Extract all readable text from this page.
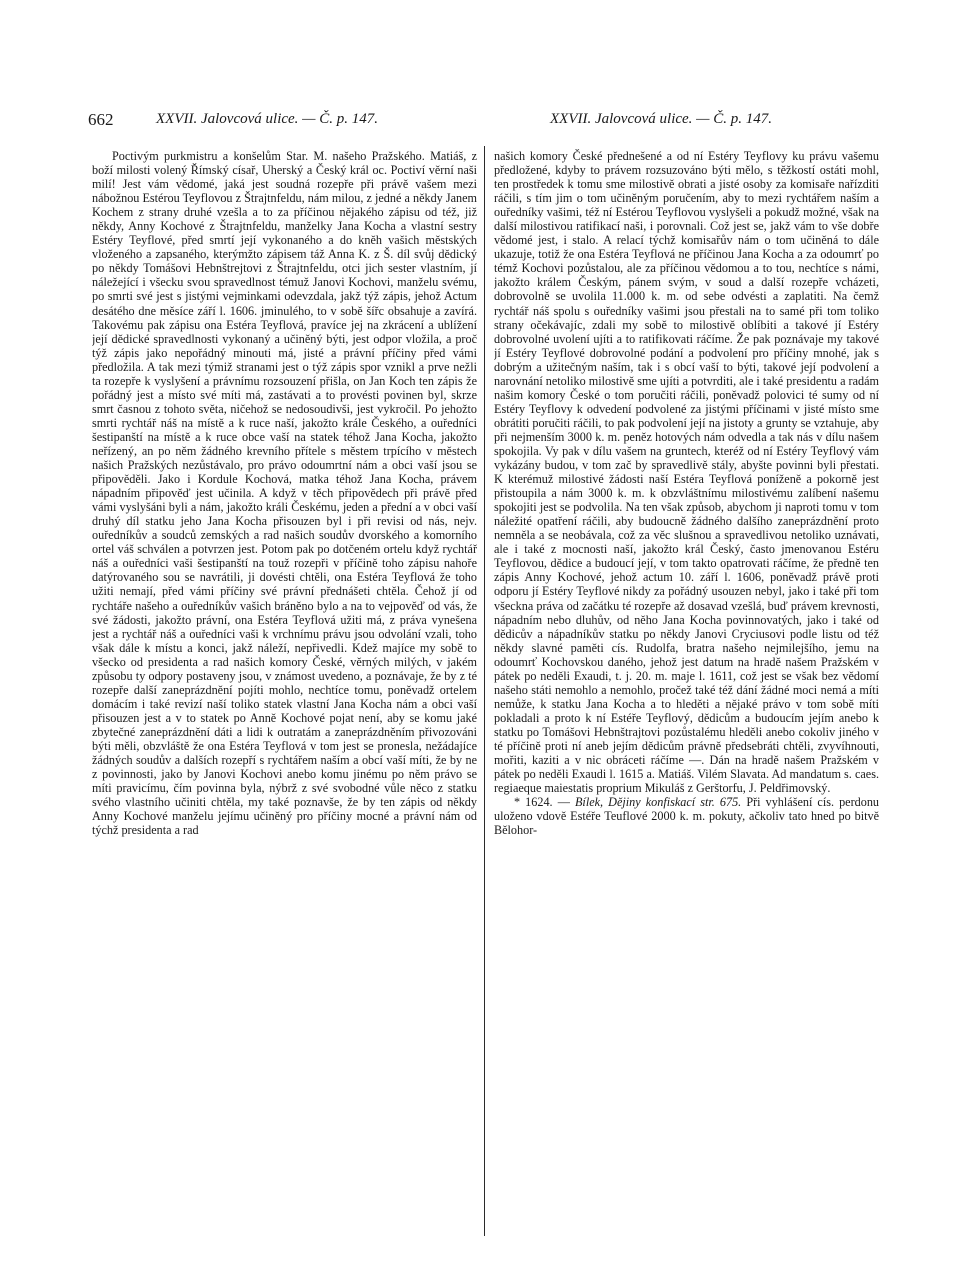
662	XXVII. Jalovcová ulice. — Č. p. 147.	XXVII. Jalovcová ulice. — Č. p. 147.

Poctivým purkmistru a konšelům Star. M. našeho Pražského. Matiáš, z boží milosti volený Římský císař, Uherský a Český král oc. Poctiví věrní naši milí! Jest vám vědomé, jaká jest soudná rozepře při právě vašem mezi nábožnou Estérou Teyflovou z Štrajtnfeldu, nám milou, z jedné a někdy Janem Kochem z strany druhé vzešla a to za příčinou nějakého zápisu od též, již někdy, Anny Kochové z Štrajtnfeldu, manželky Jana Kocha a vlastní sestry Estéry Teyflové, před smrtí její vykonaného a do kněh vašich městských vloženého a zapsaného, kterýmžto zápisem táž Anna K. z Š. díl svůj dědický po někdy Tomášovi Hebnštrejtovi z Štrajtnfeldu, otci jich sester vlastním, jí náležející i všecku svou spravedlnost témuž Janovi Kochovi, manželu svému, po smrti své jest s jistými vejminkami odevzdala, jakž týž zápis, jehož Actum desátého dne měsíce září l. 1606. jminulého, to v sobě šířc obsahuje a zavírá. Takovému pak zápisu ona Estéra Teyflová, pravíce jej na zkrácení a ublížení její dědické spravedlnosti vykonaný a učiněný býti, jest odpor vložila, a proč týž zápis jako nepořádný minouti má, jisté a právní příčiny před vámi předložila. A tak mezi týmiž stranami jest o týž zápis spor vznikl a prve nežli ta rozepře k vyslyšení a právnímu rozsouzení přišla, on Jan Koch ten zápis že pořádný jest a místo své míti má, zastávati a to provésti povinen byl, skrze smrt časnou z tohoto světa, ničehož se nedosoudivši, jest vykročil. Po jehožto smrti rychtář náš na místě a k ruce naší, jakožto krále Českého, a ouředníci šestipanští na místě a k ruce obce vaší na statek téhož Jana Kocha, jakožto neřízený, an po něm žádného krevního přítele s městem trpícího v městech našich Pražských nezůstávalo, pro právo odoumrtní nám a obci vaší jsou se připověděli. Jako i Kordule Kochová, matka téhož Jana Kocha, právem nápadním připověď jest učinila. A když v těch připovědech při právě před vámi vyslyšáni byli a nám, jakožto králi Českému, jeden a přední a v obci vaší druhý díl statku jeho Jana Kocha přisouzen byl i při revisi od nás, nejv. ouředníkův a soudců zemských a rad našich soudův dvorského a komorního ortel váš schválen a potvrzen jest. Potom pak po dotčeném ortelu když rychtář náš a ouředníci vaši šestipanští na touž rozepři v příčině toho zápisu nahoře datýrovaného sou se navrátili, ji dovésti chtěli, ona Estéra Teyflová že toho užiti nemají, před vámi příčiny své právní přednášeti chtěla. Čehož jí od rychtáře našeho a ouředníkův vašich bráněno bylo a na to vejpověď od vás, že své žádosti, jakožto právní, ona Estéra Teyflová užiti má, z práva vynešena jest a rychtář náš a ouředníci vaši k vrchnímu právu jsou odvolání vzali, toho však dále k místu a konci, jakž náleží, nepřivedli. Kdež majíce my sobě to všecko od presidenta a rad našich komory České, věrných milých, v jakém způsobu ty odpory postaveny jsou, v známost uvedeno, a poznávaje, že by z té rozepře další zaneprázdnění pojíti mohlo, nechtíce tomu, poněvadž ortelem domácím i také revizí naší toliko statek vlastní Jana Kocha nám a obci vaší přisouzen jest a v to statek po Anně Kochové pojat není, aby se komu jaké zbytečné zaneprázdnění dáti a lidi k outratám a zaneprázdněním přivozováni býti měli, obzvláště že ona Estéra Teyflová v tom jest se pronesla, nežádajíce žádných soudův a dalších rozepří s rychtářem naším a obcí vaší míti, že by ne z povinnosti, jako by Janovi Kochovi anebo komu jinému po něm právo se míti pravicímu, čím povinna byla, nýbrž z své svobodné vůle něco z statku svého vlastního učiniti chtěla, my také poznavše, že by ten zápis od někdy Anny Kochové manželu jejímu učiněný pro příčiny mocné a právní nám od týchž presidenta a rad

našich komory České přednešené a od ní Estéry Teyflovy ku právu vašemu předložené, kdyby to právem rozsuzováno býti mělo, s těžkostí ostáti mohl, ten prostředek k tomu sme milostivě obrati a jisté osoby za komisaře nařízditi ráčili, s tím jim o tom učiněným poručením, aby to mezi rychtářem naším a ouředníky vašimi, též ní Estérou Teyflovou vyslyšeli a pokudž možné, však na další milostivou ratifikací naši, i porovnali. Což jest se, jakž vám to vše dobře vědomé jest, i stalo. A relací týchž komisařův nám o tom učiněná to dále ukazuje, totiž že ona Estéra Teyflová ne příčinou Jana Kocha a za odoumrť po témž Kochovi pozůstalou, ale za příčinou vědomou a to tou, nechtíce s námi, jakožto králem Českým, pánem svým, v soud a další rozepře vcházeti, dobrovolně se uvolila 11.000 k. m. od sebe odvésti a zaplatiti. Na čemž rychtář náš spolu s ouředníky vašimi jsou přestali na to samé při tom toliko strany očekávajíc, zdali my sobě to milostivě oblíbiti a takové jí Estéry dobrovolné uvolení ujíti a to ratifikovati ráčíme. Že pak poznávaje my takové jí Estéry Teyflové dobrovolné podání a podvolení pro příčiny mnohé, jak s dobrým a užitečným naším, tak i s obcí vaší to býti, takové její podvolení a narovnání netoliko milostivě sme ujíti a potvrditi, ale i také presidentu a radám našim komory České o tom poručiti ráčili, poněvadž polovici té sumy od ní Estéry Teyflovy k odvedení podvolené za jistými příčinami v jisté místo sme obrátiti poručiti ráčili, to pak podvolení její na jistoty a grunty se vztahuje, aby při nejmenším 3000 k. m. peněz hotových nám odvedla a tak nás v dílu našem spokojila. Vy pak v dílu vašem na gruntech, kteréž od ní Estéry Teyflový vám vykázány budou, v tom zač by spravedlivě stály, abyšte povinni byli přestati. K kterémuž milostivé žádosti naší Estéra Teyflová poníženě a pokorně jest přistoupila a nám 3000 k. m. k obzvláštnímu milostivému zalíbení našemu spokojiti jest se podvolila. Na ten však způsob, abychom ji naproti tomu v tom náležité opatření ráčili, aby budoucně žádného dalšího zaneprázdnění proto nemněla a se neobávala, což za věc slušnou a spravedlivou netoliko uznávati, ale i také z mocnosti naší, jakožto král Český, často jmenovanou Estéru Teyflovou, dědice a budoucí její, v tom takto opatrovati ráčíme, že předně ten zápis Anny Kochové, jehož actum 10. září l. 1606, poněvadž právě proti odporu jí Estéry Teyflové nikdy za pořádný usouzen nebyl, jako i také při tom všeckna práva od začátku té rozepře až dosavad vzešlá, buď právem krevnosti, nápadním nebo dluhův, od něho Jana Kocha povinnovatých, jako i také od dědicův a nápadníkův statku po někdy Janovi Cryciusovi podle listu od též někdy slavné paměti cís. Rudolfa, bratra našeho nejmilejšího, jemu na odoumrť Kochovskou daného, jehož jest datum na hradě našem Pražském v pátek po neděli Exaudi, t. j. 20. m. maje l. 1611, což jest se však bez vědomí našeho státi nemohlo a nemohlo, pročež také též dání žádné moci nemá a míti nemůže, k statku Jana Kocha a to hleděti a nějaké právo v tom sobě míti pokladali a proto k ní Estéře Teyflový, dědicům a budoucím jejím anebo k statku po Tomášovi Hebnštrajtovi pozůstalému hleděli anebo cokoliv jiného v té příčině proti ní aneb jejím dědicům právně předsebráti chtěli, zvyvíhnouti, mořiti, kaziti a v nic obráceti ráčíme —. Dán na hradě našem Pražském v pátek po neděli Exaudi l. 1615 a. Matiáš. Vilém Slavata. Ad mandatum s. caes. regiaeque maiestatis proprium Mikuláš z Gerštorfu, J. Peldřimovský.

* 1624. — Bílek, Dějiny konfiskací str. 675. Při vyhlášení cís. perdonu uloženo vdově Estéře Teuflové 2000 k. m. pokuty, ačkoliv tato hned po bitvě Bělohor-
